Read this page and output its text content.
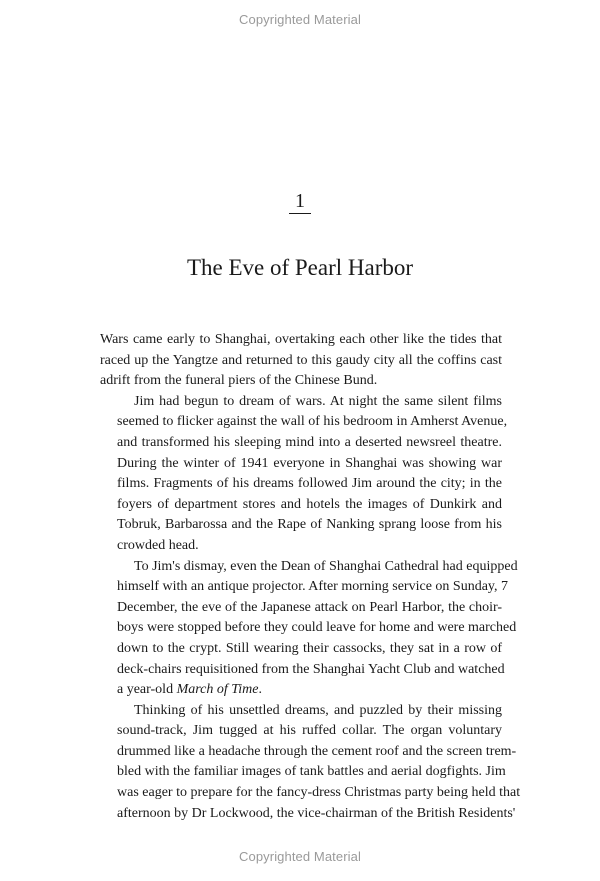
Copyrighted Material
1
The Eve of Pearl Harbor

Wars came early to Shanghai, overtaking each other like the tides that
raced up the Yangtze and returned to this gaudy city all the coffins cast
adrift from the funeral piers of the Chinese Bund.

Jim had begun to dream of wars. At night the same silent films
seemed to flicker against the wall of his bedroom in Amherst Avenue,
and transformed his sleeping mind into a deserted newsreel theatre.
During the winter of 1941 everyone in Shanghai was showing war
films. Fragments of his dreams followed Jim around the city; in the
foyers of department stores and hotels the images of Dunkirk and
Tobruk, Barbarossa and the Rape of Nanking sprang loose from his
crowded head.

To Jim's dismay, even the Dean of Shanghai Cathedral had equipped
himself with an antique projector. After morning service on Sunday, 7
December, the eve of the Japanese attack on Pearl Harbor, the choir-
boys were stopped before they could leave for home and were marched
down to the crypt. Still wearing their cassocks, they sat in a row of
deck-chairs requisitioned from the Shanghai Yacht Club and watched
a year-old March of Time.

Thinking of his unsettled dreams, and puzzled by their missing
sound-track, Jim tugged at his ruffed collar. The organ voluntary
drummed like a headache through the cement roof and the screen trem-
bled with the familiar images of tank battles and aerial dogfights. Jim
was eager to prepare for the fancy-dress Christmas party being held that
afternoon by Dr Lockwood, the vice-chairman of the British Residents'

Copyrighted Material
